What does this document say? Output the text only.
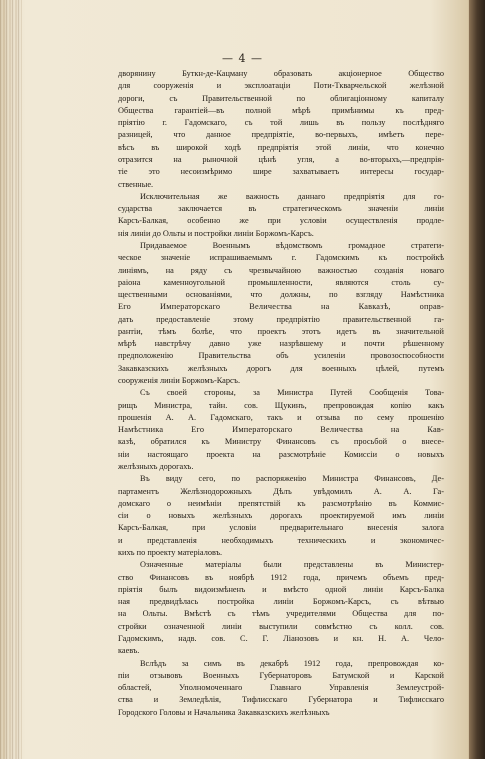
— 4 —
дворянину Буткн-де-Кацману образовать акціонерное Общество
для сооруженія и эксплоатаціи Поти-Ткварчельской желѣзной
дороги, съ Правительственной по облигаціонному капиталу
Общества гарантіей—въ полной мѣрѣ примѣнимы къ пред-
пріятію г. Гадомскаго, съ той лишь въ пользу послѣдняго
разницей, что данное предпріятіе, во-первыхъ, имѣетъ пере-
вѣсъ въ широкой ходѣ предпріятія этой линіи, что конечно
отразится на рыночной цѣнѣ угля, а во-вторыхъ,—предпрія-
тіе это несоизмѣримо шире захватываетъ интересы государ-
ственные.
Исключительная же важность даннаго предпріятія для го-
сударства заключается въ стратегическомъ значеніи линіи
Карсъ-Балкая, особенно же при условіи осуществленія продле-
нія линіи до Ольты и постройки линіи Боржомъ-Карсъ.
Придаваемое Военнымъ вѣдомствомъ громадное стратеги-
ческое значеніе испрашиваемымъ г. Гадомскимъ къ постройкѣ
линіямъ, на ряду съ чрезвычайною важностью созданія новаго
раіона каменноугольной промышленности, являются столь су-
щественными основаніями, что должны, по взгляду Намѣстника
Его Императорскаго Величества на Кавказѣ, оправ-
дать предоставленіе этому предпріятію правительственной га-
рантіи, тѣмъ болѣе, что проектъ этотъ идетъ въ значительной
мѣрѣ навстрѣчу давно уже назрѣвшему и почти рѣшенному
предположенію Правительства объ усиленіи провозоспособности
Закавказскихъ желѣзныхъ дорогъ для военныхъ цѣлей, путемъ
сооруженія линіи Боржомъ-Карсъ.
Съ своей стороны, за Министра Путей Сообщенія Това-
рищъ Министра, тайн. сов. Щукинъ, препровождая копію какъ
прошенія А. А. Гадомскаго, такъ и отзыва по сему прошенію
Намѣстника Его Императорскаго Величества на Кав-
казѣ, обратился къ Министру Финансовъ съ просьбой о внесе-
ніи настоящаго проекта на разсмотрѣніе Комиссіи о новыхъ
желѣзныхъ дорогахъ.
Въ виду сего, по распоряженію Министра Финансовъ, Де-
партаментъ Желѣзнодорожныхъ Дѣлъ увѣдомилъ А. А. Га-
домскаго о неимѣніи препятствій къ разсмотрѣнію въ Коммис-
сіи о новыхъ желѣзныхъ дорогахъ проектируемой имъ линіи
Карсъ-Балкая, при условіи предварительнаго внесенія залога
и представленія необходимыхъ техническихъ и экономичес-
кихъ по проекту матеріаловъ.
Означенные матеріалы были представлены въ Министер-
ство Финансовъ въ ноябрѣ 1912 года, причемъ объемъ пред-
пріятія былъ видоизмѣненъ и вмѣсто одной линіи Карсъ-Балка
ная предвидѣлась постройка линіи Боржомъ-Карсъ, съ вѣтвью
на Ольты. Вмѣстѣ съ тѣмъ учредителями Общества для по-
стройки означенной линіи выступили совмѣстно съ колл. сов.
Гадомскимъ, надв. сов. С. Г. Ліанозовъ и кн. Н. А. Чело-
каевъ.
Вслѣдъ за симъ въ декабрѣ 1912 года, препровождая ко-
піи отзывовъ Военныхъ Губернаторовъ Батумской и Карской
областей, Уполномоченнаго Главнаго Управленія Землеустрой-
ства и Земледѣлія, Тифлисскаго Губернатора и Тифлисскаго
Городского Головы и Начальника Закавказскихъ желѣзныхъ
